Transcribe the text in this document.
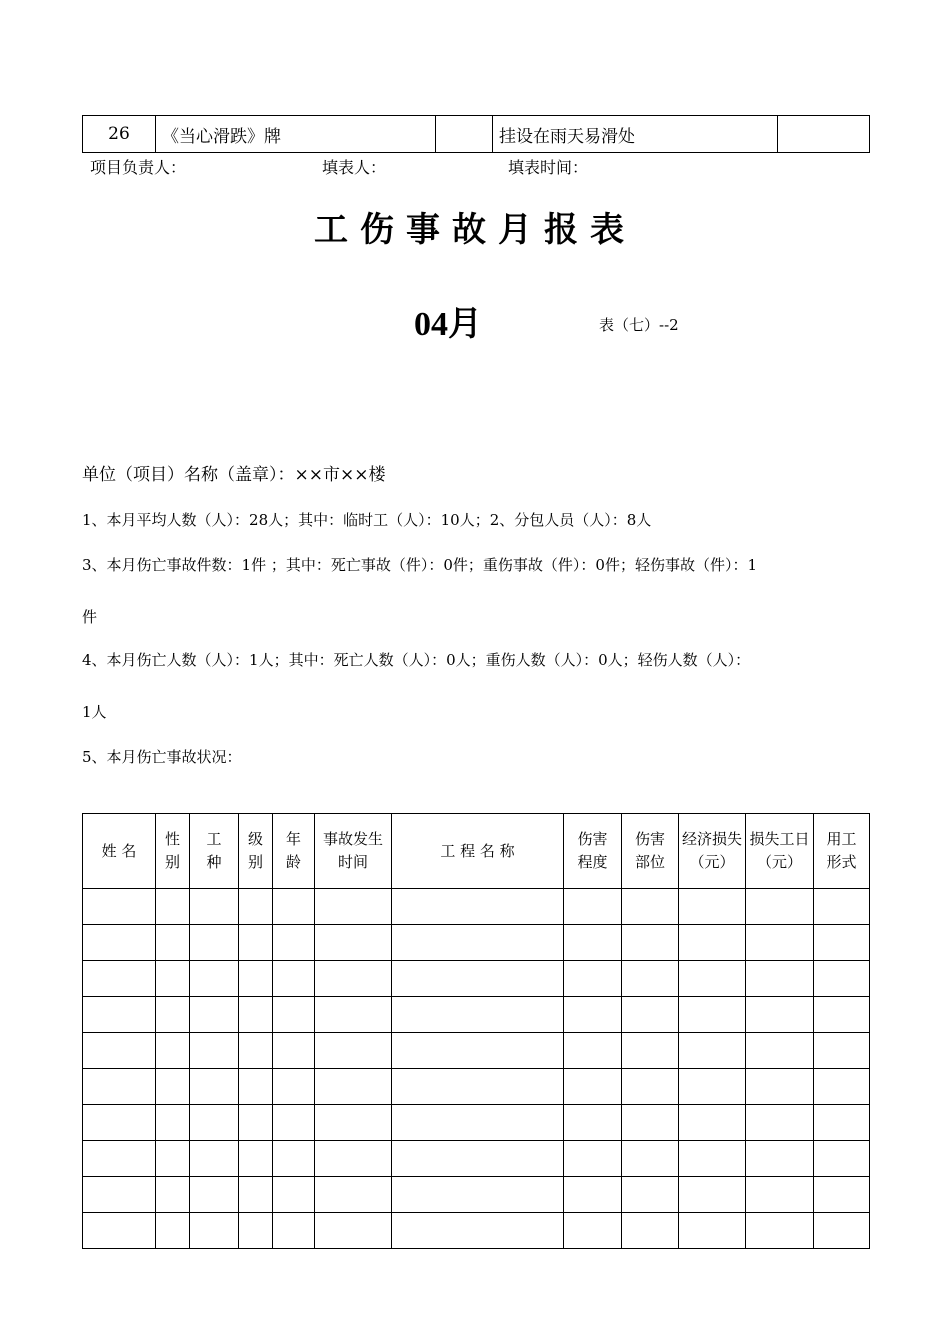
26	《当心滑跌》牌		挂设在雨天易滑处	
项目负责人：	填表人：	填表时间：
工伤事故月报表
04月	表（七）--2
单位（项目）名称（盖章）：××市××楼
1、本月平均人数（人）：28人；其中：临时工（人）：10人；2、分包人员（人）：8人
3、本月伤亡事故件数：1件 ；其中：死亡事故（件）：0件；重伤事故（件）：0件；轻伤事故（件）：1
件
4、本月伤亡人数（人）：1人；其中：死亡人数（人）：0人；重伤人数（人）：0人；轻伤人数（人）：
1人
5、本月伤亡事故状况：
姓 名	性别	工种	级别	年龄	事故发生时间	工 程 名 称	伤害程度	伤害部位	经济损失（元）	损失工日（元）	用工形式
